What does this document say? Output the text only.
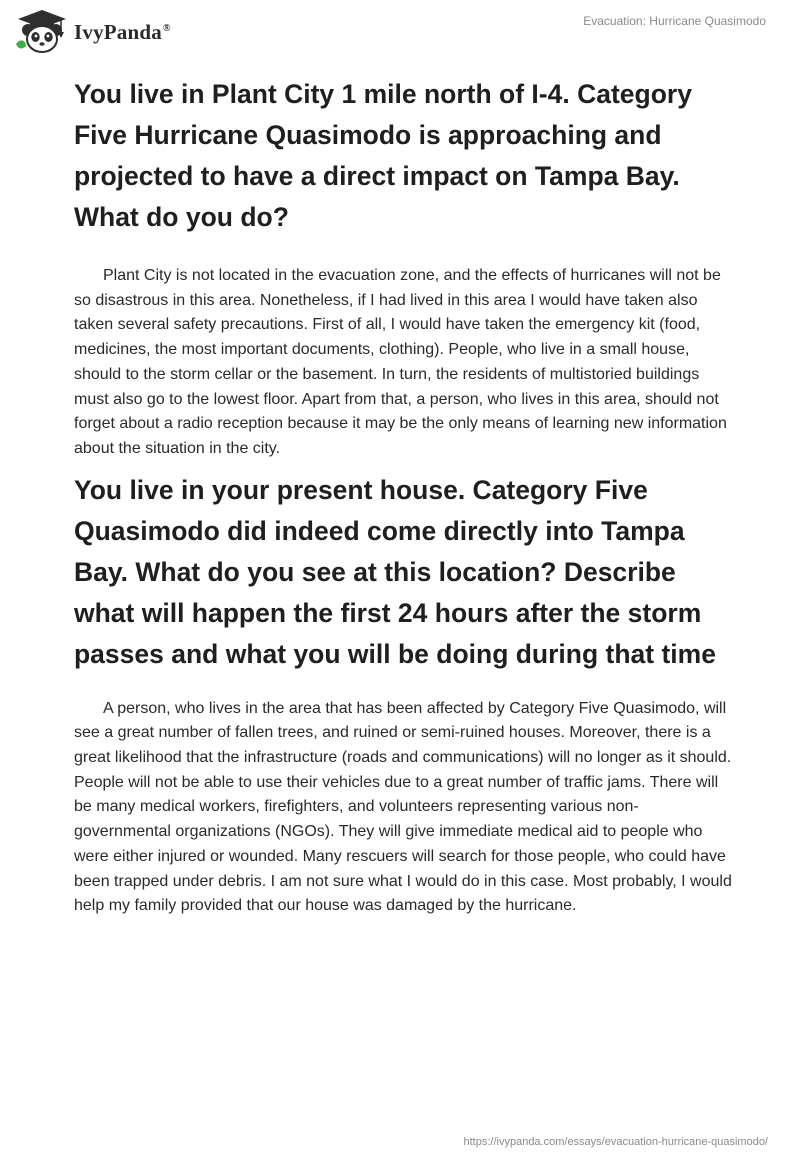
IvyPanda®	Evacuation: Hurricane Quasimodo
You live in Plant City 1 mile north of I-4. Category Five Hurricane Quasimodo is approaching and projected to have a direct impact on Tampa Bay. What do you do?

Plant City is not located in the evacuation zone, and the effects of hurricanes will not be so disastrous in this area. Nonetheless, if I had lived in this area I would have taken also taken several safety precautions. First of all, I would have taken the emergency kit (food, medicines, the most important documents, clothing). People, who live in a small house, should to the storm cellar or the basement. In turn, the residents of multistoried buildings must also go to the lowest floor. Apart from that, a person, who lives in this area, should not forget about a radio reception because it may be the only means of learning new information about the situation in the city.

You live in your present house. Category Five Quasimodo did indeed come directly into Tampa Bay. What do you see at this location? Describe what will happen the first 24 hours after the storm passes and what you will be doing during that time

A person, who lives in the area that has been affected by Category Five Quasimodo, will see a great number of fallen trees, and ruined or semi-ruined houses. Moreover, there is a great likelihood that the infrastructure (roads and communications) will no longer as it should. People will not be able to use their vehicles due to a great number of traffic jams. There will be many medical workers, firefighters, and volunteers representing various non-governmental organizations (NGOs). They will give immediate medical aid to people who were either injured or wounded. Many rescuers will search for those people, who could have been trapped under debris. I am not sure what I would do in this case. Most probably, I would help my family provided that our house was damaged by the hurricane.

https://ivypanda.com/essays/evacuation-hurricane-quasimodo/
